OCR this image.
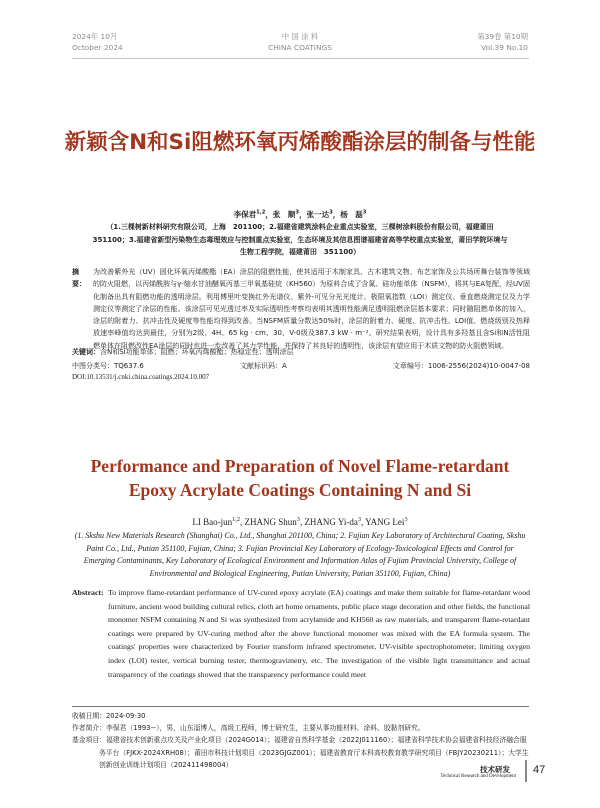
2024年 10月
October 2024
中 国 涂 料
CHINA COATINGS
第39卷 第10期
Vol.39 No.10
新颖含N和Si阻燃环氧丙烯酸酯涂层的制备与性能
李保君$^{1,2}$，张　顺$^3$，张一达$^3$，杨　磊$^3$
（1.三棵树新材料研究有限公司，上海　201100；2.福建省建筑涂料企业重点实验室，三棵树涂料股份有限公司，福建莆田　351100；3.福建省新型污染物生态毒理效应与控制重点实验室，生态环境及其信息图谱福建省高等学校重点实验室，莆田学院环境与生物工程学院，福建莆田　351100）
摘　要：
为改善紫外光（UV）固化环氧丙烯酸酯（EA）涂层的阻燃性能，使其适用于木制家具、古木建筑文物、布艺家饰及公共场所舞台装饰等领域的防火阻燃，以丙烯酰胺与γ-缩水甘油醚氧丙基三甲氧基硅烷（KH560）为原料合成了含氮、硅功能单体（NSFM），将其与EA复配，经UV固化制备出具有阻燃功能的透明涂层。利用傅里叶变换红外光谱仪、紫外-可见分光光度计、极限氧指数（LOI）测定仪、垂直燃烧测定仪及力学测定仪等测定了涂层的性能。该涂层可见光透过率及实际透明性考察均表明其透明性能满足透明阻燃涂层基本要求；同时随阻燃单体的加入，涂层的附着力、抗冲击性及硬度等性能均得到改善。当NSFM质量分数达50%时，涂层的附着力、硬度、抗冲击性、LOI值、燃烧级别及热释放速率峰值均达到最佳，分别为2级、4H、65 kg · cm、30、V-0级及387.3 kW · m⁻²。研究结果表明，设计具有多羟基且含Si和N活性阻燃单体在阻燃改性EA涂层的同时也进一步改善了其力学性能，并保持了其良好的透明性，该涂层有望应用于木质文物的防火阻燃领域。
关键词：含N和Si功能单体；阻燃；环氧丙烯酸酯；热稳定性；透明涂层
中图分类号：TQ637.6	文献标识码：A	文章编号：1006-2556(2024)10-0047-08
DOI:10.13531/j.cnki.china.coatings.2024.10.007
Performance and Preparation of Novel Flame-retardant
Epoxy Acrylate Coatings Containing N and Si
LI Bao-jun$^{1,2}$, ZHANG Shun$^3$, ZHANG $Yi-da^3$, YANG Lei$^3$
(1. Skshu New Materials Research (Shanghai) Co., Ltd., Shanghai 201100, China; 2. Fujian Key Laboratory of Architectural Coating, Skshu Paint Co., Ltd., Putian 351100, Fujian, China; 3. Fujian Provincial Key Laboratory of Ecology-Toxicological Effects and Control for Emerging Contaminants, Key Laboratory of Ecological Environment and Information Atlas of Fujian Provincial University, College of Environmental and Biological Engineering, Putian University, Putian 351100, Fujian, China)
Abstract: To improve flame-retardant performance of UV-cured epoxy acrylate (EA) coatings and make them suitable for flame-retardant wood furniture, ancient wood building cultural relics, cloth art home ornaments, public place stage decoration and other fields, the functional monomer NSFM containing N and Si was synthesized from acrylamide and KH560 as raw materials, and transparent flame-retardant coatings were prepared by UV-curing method after the above functional monomer was mixed with the EA formula system. The coatings' properties were characterized by Fourier transform infrared spectrometer, UV-visible spectrophotometer, limiting oxygen index (LOI) tester, vertical burning tester, thermogravimetry, etc. The investigation of the visible light transmittance and actual transparency of the coatings showed that the transparency performance could meet
收稿日期：2024-09-30
作者简介：李保君（1993−），男，山东淄博人，高级工程师，博士研究生，主要从事功能材料、涂料、胶黏剂研究。
基金项目：福建省技术创新重点攻关及产业化项目（2024G014）；福建省自然科学基金（2022J011160）；福建省科学技术协会福建省科技经济融合服务平台（FJKX-2024XRH08）；莆田市科技计划项目（2023GJGZ001）；福建省教育厅本科高校教育教学研究项目（FBJY20230211）；大学生创新创业训练计划项目（202411498004）
技术研发
Technical Research and Development
47
